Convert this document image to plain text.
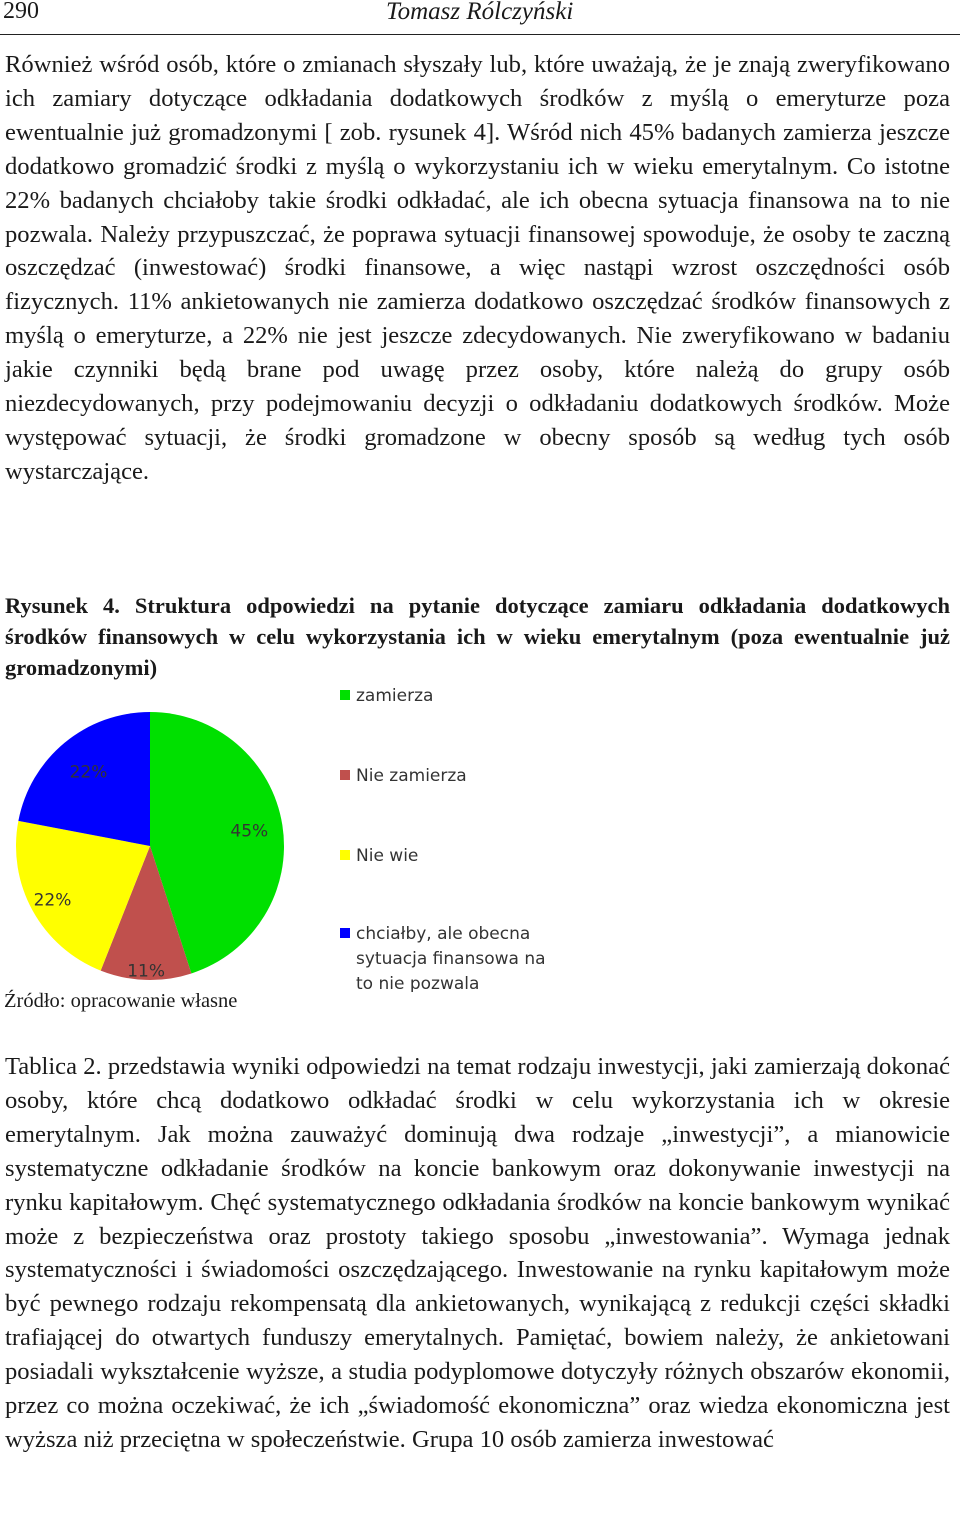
290	Tomasz Rólczyński

Również wśród osób, które o zmianach słyszały lub, które uważają, że je znają zweryfikowano ich zamiary dotyczące odkładania dodatkowych środków z myślą o emeryturze poza ewentualnie już gromadzonymi [ zob. rysunek 4]. Wśród nich 45% badanych zamierza jeszcze dodatkowo gromadzić środki z myślą o wykorzystaniu ich w wieku emerytalnym. Co istotne 22% badanych chciałoby takie środki odkładać, ale ich obecna sytuacja finansowa na to nie pozwala. Należy przypuszczać, że poprawa sytuacji finansowej spowoduje, że osoby te zaczną oszczędzać (inwestować) środki finansowe, a więc nastąpi wzrost oszczędności osób fizycznych. 11% ankietowanych nie zamierza dodatkowo oszczędzać środków finansowych z myślą o emeryturze, a 22% nie jest jeszcze zdecydowanych. Nie zweryfikowano w badaniu jakie czynniki będą brane pod uwagę przez osoby, które należą do grupy osób niezdecydowanych, przy podejmowaniu decyzji o odkładaniu dodatkowych środków. Może występować sytuacji, że środki gromadzone w obecny sposób są według tych osób wystarczające.

Rysunek 4. Struktura odpowiedzi na pytanie dotyczące zamiaru odkładania dodatkowych środków finansowych w celu wykorzystania ich w wieku emerytalnym (poza ewentualnie już gromadzonymi)

45%
11%
22%
22%
zamierza
Nie zamierza
Nie wie
chciałby, ale obecna
sytuacja finansowa na
to nie pozwala
Źródło: opracowanie własne

Tablica 2. przedstawia wyniki odpowiedzi na temat rodzaju inwestycji, jaki zamierzają dokonać osoby, które chcą dodatkowo odkładać środki w celu wykorzystania ich w okresie emerytalnym. Jak można zauważyć dominują dwa rodzaje „inwestycji”, a mianowicie systematyczne odkładanie środków na koncie bankowym oraz dokonywanie inwestycji na rynku kapitałowym. Chęć systematycznego odkładania środków na koncie bankowym wynikać może z bezpieczeństwa oraz prostoty takiego sposobu „inwestowania”. Wymaga jednak systematyczności i świadomości oszczędzającego. Inwestowanie na rynku kapitałowym może być pewnego rodzaju rekompensatą dla ankietowanych, wynikającą z redukcji części składki trafiającej do otwartych funduszy emerytalnych. Pamiętać, bowiem należy, że ankietowani posiadali wykształcenie wyższe, a studia podyplomowe dotyczyły różnych obszarów ekonomii, przez co można oczekiwać, że ich „świadomość ekonomiczna” oraz wiedza ekonomiczna jest wyższa niż przeciętna w społeczeństwie. Grupa 10 osób zamierza inwestować
